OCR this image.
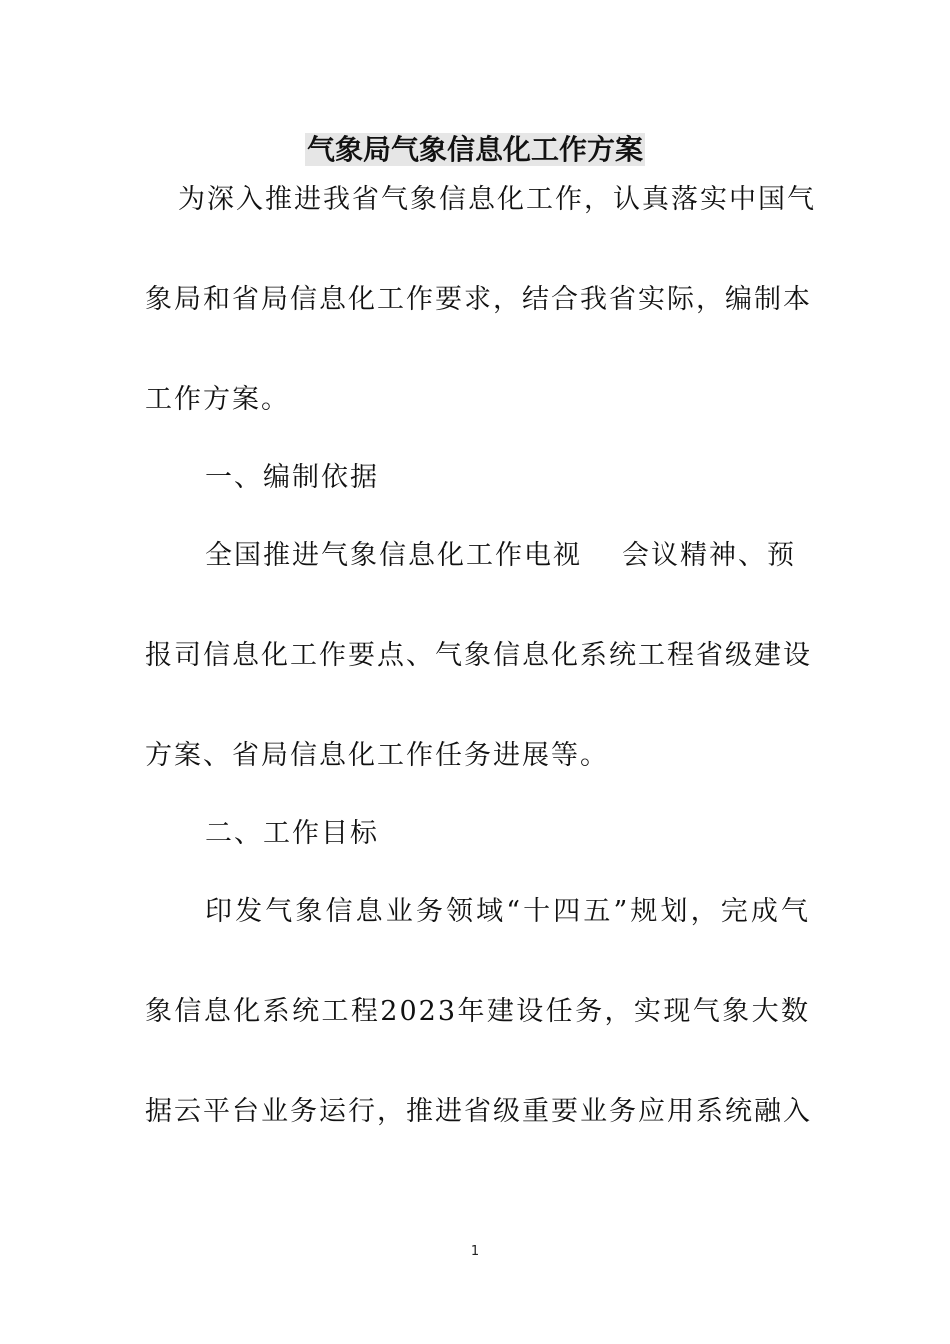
气象局气象信息化工作方案
为深入推进我省气象信息化工作，认真落实中国气
象局和省局信息化工作要求，结合我省实际，编制本
工作方案。
一、编制依据
全国推进气象信息化工作电视 会议精神、预
报司信息化工作要点、气象信息化系统工程省级建设
方案、省局信息化工作任务进展等。
二、工作目标
印发气象信息业务领域“十四五”规划，完成气
象信息化系统工程2023年建设任务，实现气象大数
据云平台业务运行，推进省级重要业务应用系统融入
1
